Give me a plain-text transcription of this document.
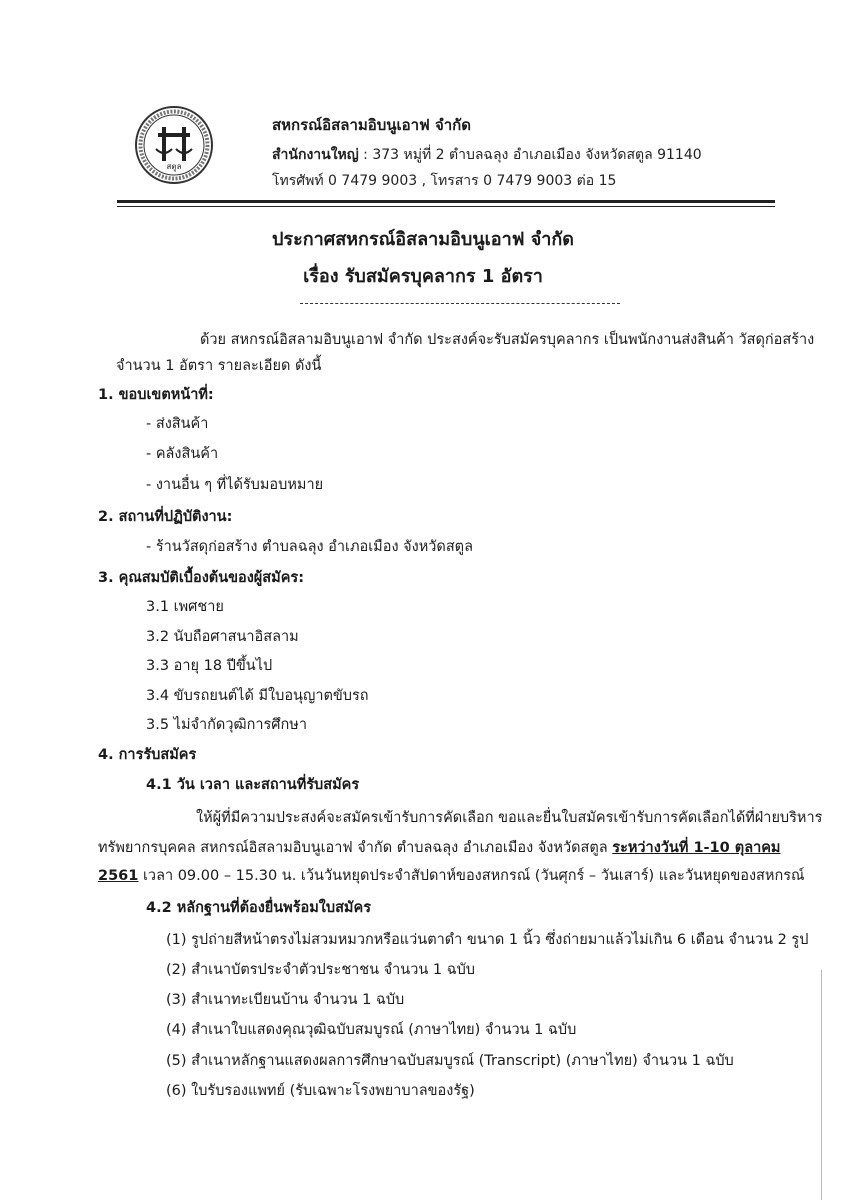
สตูล
สหกรณ์อิสลามอิบนูเอาฟ จำกัด
สำนักงานใหญ่ : 373 หมู่ที่ 2 ตำบลฉลุง อำเภอเมือง จังหวัดสตูล 91140
โทรศัพท์ 0 7479 9003 , โทรสาร 0 7479 9003 ต่อ 15
ประกาศสหกรณ์อิสลามอิบนูเอาฟ จำกัด
เรื่อง รับสมัครบุคลากร 1 อัตรา
ด้วย สหกรณ์อิสลามอิบนูเอาฟ จำกัด ประสงค์จะรับสมัครบุคลากร เป็นพนักงานส่งสินค้า วัสดุก่อสร้าง
จำนวน 1 อัตรา รายละเอียด ดังนี้
1. ขอบเขตหน้าที่:
- ส่งสินค้า
- คลังสินค้า
- งานอื่น ๆ ที่ได้รับมอบหมาย
2. สถานที่ปฏิบัติงาน:
- ร้านวัสดุก่อสร้าง ตำบลฉลุง อำเภอเมือง จังหวัดสตูล
3. คุณสมบัติเบื้องต้นของผู้สมัคร:
3.1 เพศชาย
3.2 นับถือศาสนาอิสลาม
3.3 อายุ 18 ปีขึ้นไป
3.4 ขับรถยนต์ได้ มีใบอนุญาตขับรถ
3.5 ไม่จำกัดวุฒิการศึกษา
4. การรับสมัคร
4.1 วัน เวลา และสถานที่รับสมัคร
ให้ผู้ที่มีความประสงค์จะสมัครเข้ารับการคัดเลือก ขอและยื่นใบสมัครเข้ารับการคัดเลือกได้ที่ฝ่ายบริหาร
ทรัพยากรบุคคล สหกรณ์อิสลามอิบนูเอาฟ จำกัด ตำบลฉลุง อำเภอเมือง จังหวัดสตูล ระหว่างวันที่ 1-10 ตุลาคม
2561 เวลา 09.00 – 15.30 น. เว้นวันหยุดประจำสัปดาห์ของสหกรณ์ (วันศุกร์ – วันเสาร์) และวันหยุดของสหกรณ์
4.2 หลักฐานที่ต้องยื่นพร้อมใบสมัคร
(1) รูปถ่ายสีหน้าตรงไม่สวมหมวกหรือแว่นตาดำ ขนาด 1 นิ้ว ซึ่งถ่ายมาแล้วไม่เกิน 6 เดือน จำนวน 2 รูป
(2) สำเนาบัตรประจำตัวประชาชน จำนวน 1 ฉบับ
(3) สำเนาทะเบียนบ้าน จำนวน 1 ฉบับ
(4) สำเนาใบแสดงคุณวุฒิฉบับสมบูรณ์ (ภาษาไทย) จำนวน 1 ฉบับ
(5) สำเนาหลักฐานแสดงผลการศึกษาฉบับสมบูรณ์ (Transcript) (ภาษาไทย) จำนวน 1 ฉบับ
(6) ใบรับรองแพทย์ (รับเฉพาะโรงพยาบาลของรัฐ)
